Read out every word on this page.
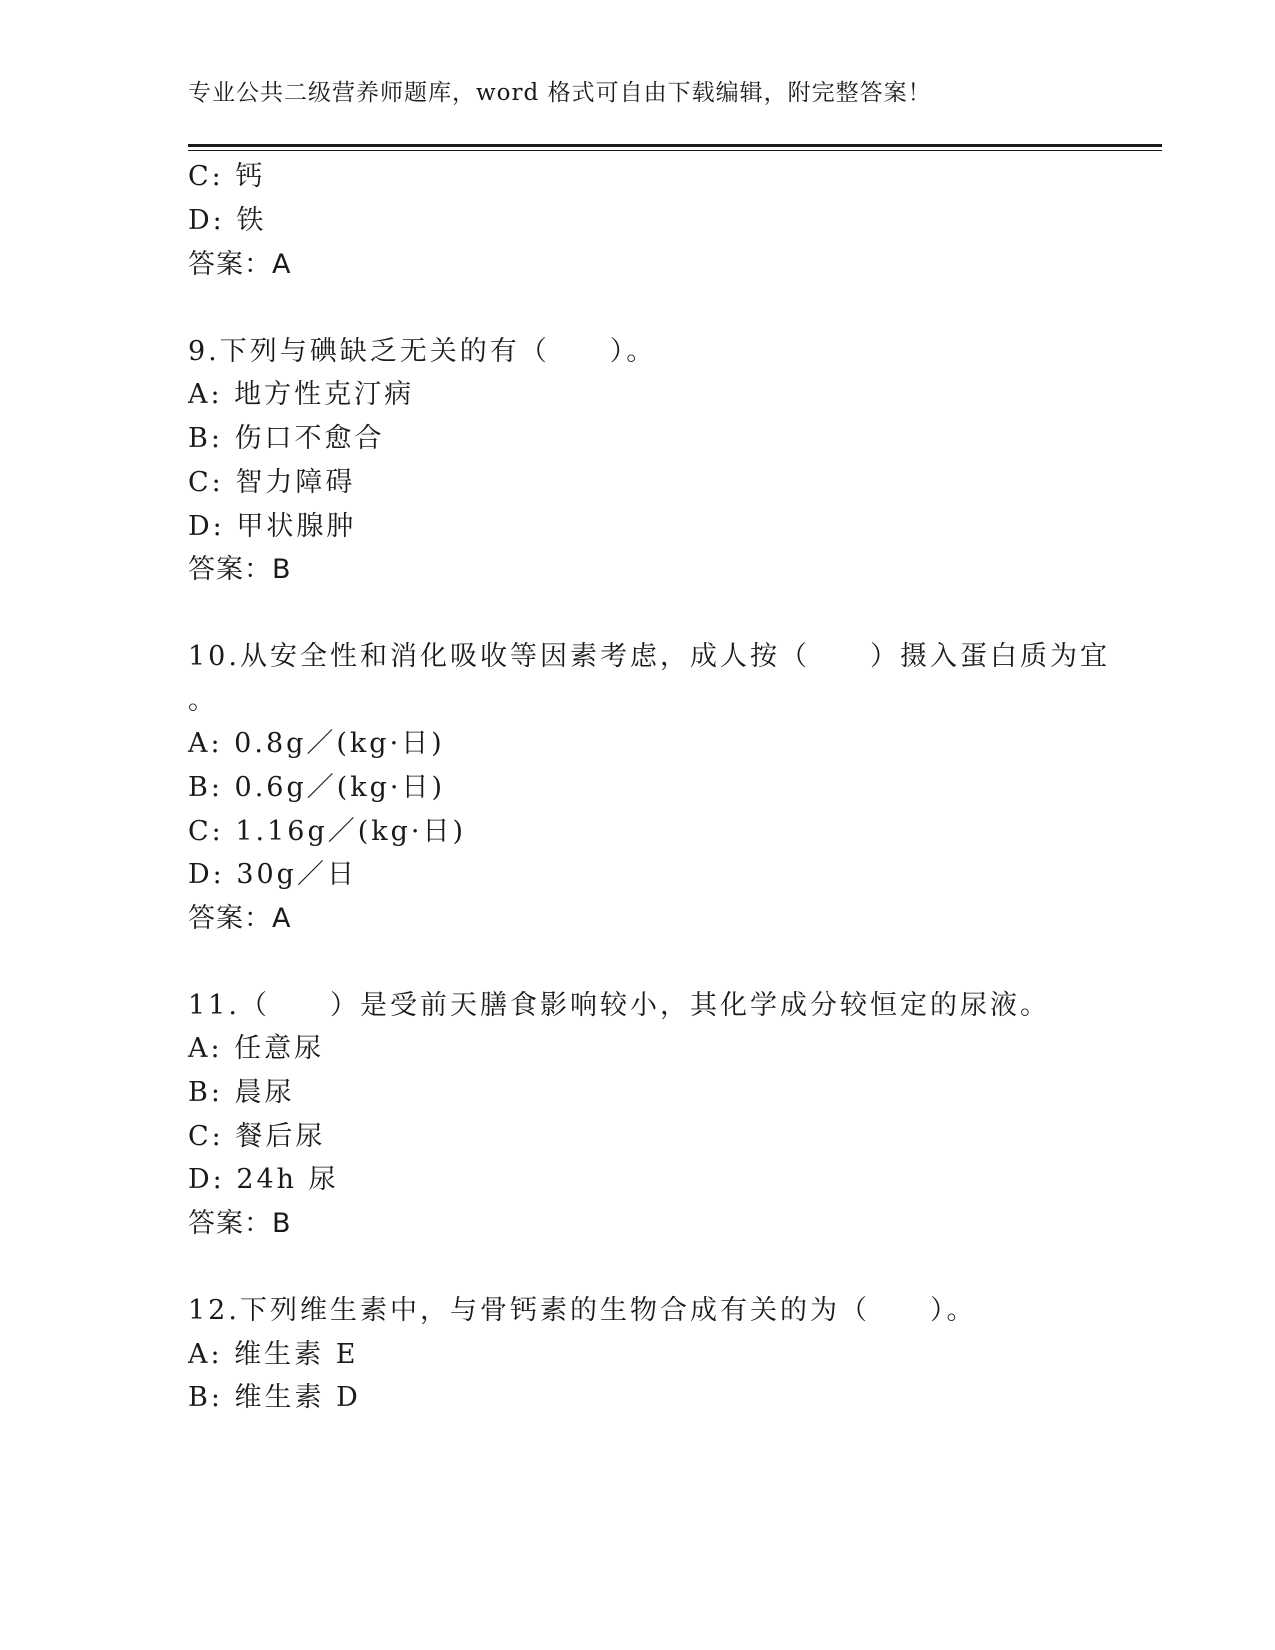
专业公共二级营养师题库，word 格式可自由下载编辑，附完整答案！
C: 钙
D: 铁
答案：A
9.下列与碘缺乏无关的有（　　）。
A: 地方性克汀病
B: 伤口不愈合
C: 智力障碍
D: 甲状腺肿
答案：B
10.从安全性和消化吸收等因素考虑，成人按（　　）摄入蛋白质为宜
。
A: 0.8g／(kg·日)
B: 0.6g／(kg·日)
C: 1.16g／(kg·日)
D: 30g／日
答案：A
11.（　　）是受前天膳食影响较小，其化学成分较恒定的尿液。
A: 任意尿
B: 晨尿
C: 餐后尿
D: 24h 尿
答案：B
12.下列维生素中，与骨钙素的生物合成有关的为（　　）。
A: 维生素 E
B: 维生素 D
